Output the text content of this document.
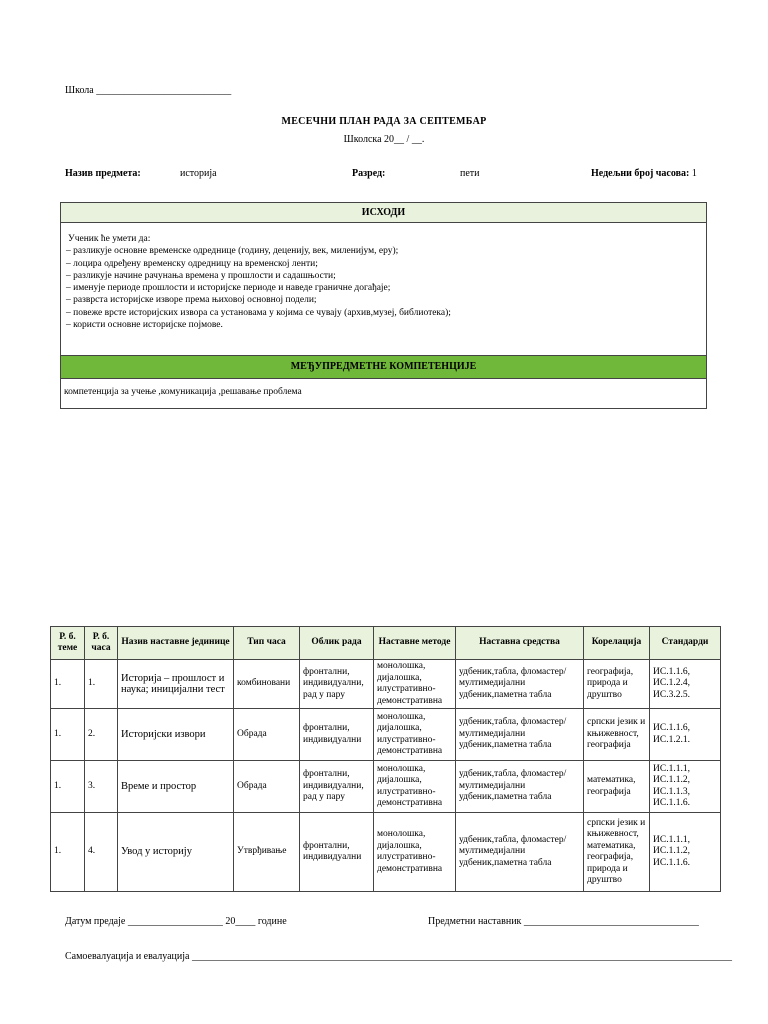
Школа ___________________________
МЕСЕЧНИ ПЛАН РАДА ЗА СЕПТЕМБАР
Школска 20__ / __.
Назив предмета:	историја	Разред:	пети	Недељни број часова: 1
ИСХОДИ
Ученик ће умети да:
– разликује основне временске одреднице (годину, деценију, век, миленијум, еру);
– лоцира одређену временску одредницу на временској ленти;
– разликује начине рачунања времена у прошлости и садашњости;
– именује периоде прошлости и историјске периоде и наведе граничне догађаје;
– разврста историјске изворе према њиховој основној подели;
– повеже врсте историјских извора са установама у којима се чувају (архив,музеј, библиотека);
– користи основне историјске појмове.
МЕЂУПРЕДМЕТНЕ КОМПЕТЕНЦИЈЕ
компетенција за учење ,комуникација ,решавање проблема
Р. б. теме	Р. б. часа	Назив наставне јединице	Тип часа	Облик рада	Наставне методе	Наставна средства	Корелација	Стандарди
1.	1.	Историја – прошлост и наука; иницијални тест	комбиновани	фронтални, индивидуални, рад у пару	монолошка, дијалошка, илустративно-демонстративна	удбеник,табла, фломастер/мултимедијални удбеник,паметна табла	географија, природа и друштво	ИС.1.1.6, ИС.1.2.4, ИС.3.2.5.
1.	2.	Историјски извори	Обрада	фронтални, индивидуални	монолошка, дијалошка, илустративно-демонстративна	удбеник,табла, фломастер/мултимедијални удбеник,паметна табла	српски језик и књижевност, географија	ИС.1.1.6, ИС.1.2.1.
1.	3.	Време и простор	Обрада	фронтални, индивидуални, рад у пару	монолошка, дијалошка, илустративно-демонстративна	удбеник,табла, фломастер/мултимедијални удбеник,паметна табла	математика, географија	ИС.1.1.1, ИС.1.1.2, ИС.1.1.3, ИС.1.1.6.
1.	4.	Увод у историју	Утврђивање	фронтални, индивидуални	монолошка, дијалошка, илустративно-демонстративна	удбеник,табла, фломастер/мултимедијални удбеник,паметна табла	српски језик и књижевност, математика, географија, природа и друштво	ИС.1.1.1, ИС.1.1.2, ИС.1.1.6.
Датум предаје ___________________ 20____ године	Предметни наставник ___________________________________
Самоевалуација и евалуација ____________________________________________________________________________________________________________
